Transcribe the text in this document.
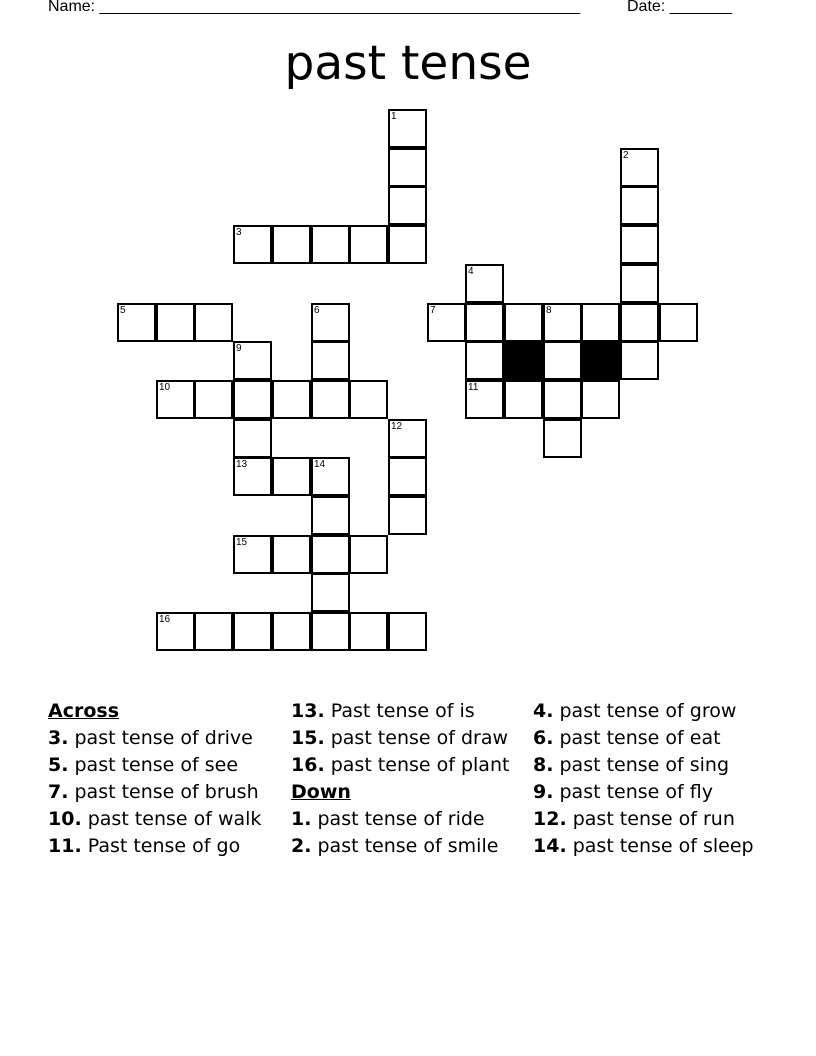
Name: ______________________________________________________	Date: _______
past tense
1
2
3
4
5	6	7	8
9
10	11
12
13	14
15
16
Across
3. past tense of drive
5. past tense of see
7. past tense of brush
10. past tense of walk
11. Past tense of go
13. Past tense of is
15. past tense of draw
16. past tense of plant
Down
1. past tense of ride
2. past tense of smile
4. past tense of grow
6. past tense of eat
8. past tense of sing
9. past tense of fly
12. past tense of run
14. past tense of sleep
